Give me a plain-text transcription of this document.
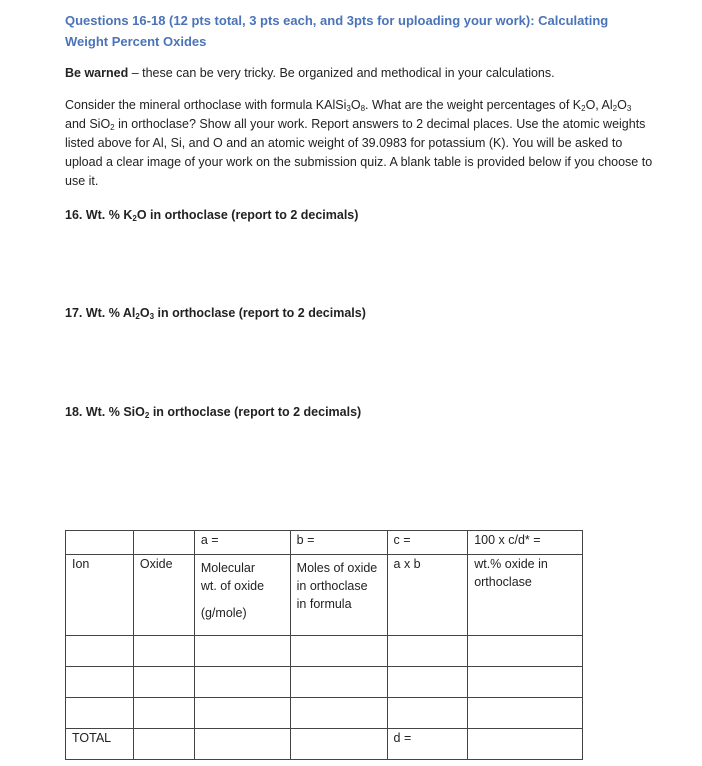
Questions 16-18 (12 pts total, 3 pts each, and 3pts for uploading your work): Calculating
Weight Percent Oxides
Be warned – these can be very tricky. Be organized and methodical in your calculations.
Consider the mineral orthoclase with formula $KAlSi_3O_8$. What are the weight percentages of $K_2O$, $Al_2O_3$ and SiO$_2$ in orthoclase? Show all your work. Report answers to 2 decimal places. Use the atomic weights listed above for Al, Si, and O and an atomic weight of 39.0983 for potassium (K). You will be asked to upload a clear image of your work on the submission quiz. A blank table is provided below if you choose to use it.
16. Wt. % $K_2O$ in orthoclase (report to 2 decimals)
17. Wt. % $Al_2O_3$ in orthoclase (report to 2 decimals)
18. Wt. % SiO$_2$ in orthoclase (report to 2 decimals)
		a =	b =	c =	100 x c/d* =
Ion	Oxide	Molecular
wt. of oxide
(g/mole)	Moles of oxide in orthoclase in formula	a x b	wt.% oxide in orthoclase

TOTAL				d =	
